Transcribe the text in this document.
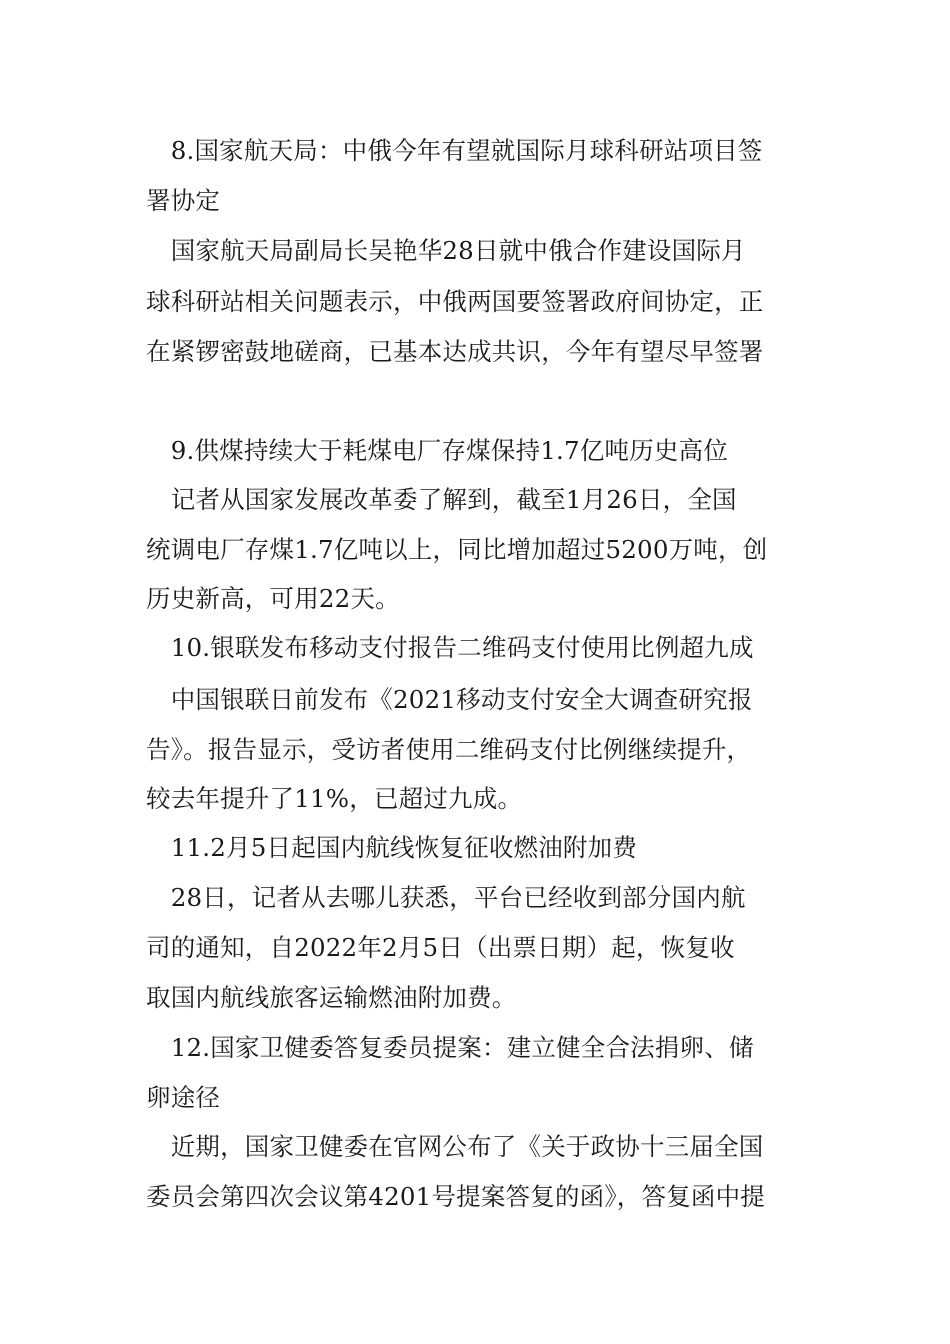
　8.国家航天局：中俄今年有望就国际月球科研站项目签
署协定
　国家航天局副局长吴艳华28日就中俄合作建设国际月
球科研站相关问题表示，中俄两国要签署政府间协定，正
在紧锣密鼓地磋商，已基本达成共识，今年有望尽早签署
　9.供煤持续大于耗煤电厂存煤保持1.7亿吨历史高位
　记者从国家发展改革委了解到，截至1月26日，全国
统调电厂存煤1.7亿吨以上，同比增加超过5200万吨，创
历史新高，可用22天。
　10.银联发布移动支付报告二维码支付使用比例超九成
　中国银联日前发布《2021移动支付安全大调查研究报
告》。报告显示，受访者使用二维码支付比例继续提升，
较去年提升了11%，已超过九成。
　11.2月5日起国内航线恢复征收燃油附加费
　28日，记者从去哪儿获悉，平台已经收到部分国内航
司的通知，自2022年2月5日（出票日期）起，恢复收
取国内航线旅客运输燃油附加费。
　12.国家卫健委答复委员提案：建立健全合法捐卵、储
卵途径
　近期，国家卫健委在官网公布了《关于政协十三届全国
委员会第四次会议第4201号提案答复的函》，答复函中提
